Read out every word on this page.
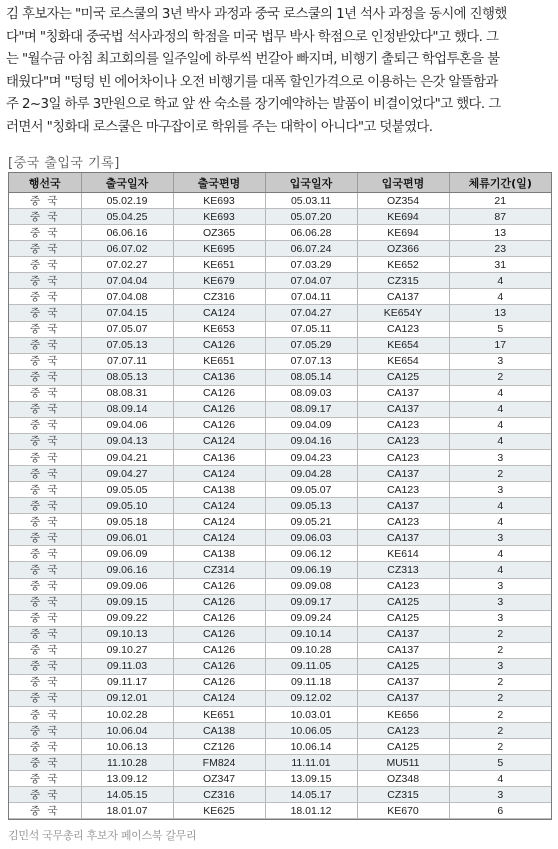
김 후보자는 "미국 로스쿨의 3년 박사 과정과 중국 로스쿨의 1년 석사 과정을 동시에 진행했
다"며 "칭화대 중국법 석사과정의 학점을 미국 법무 박사 학점으로 인정받았다"고 했다. 그
는 "월수금 아침 최고회의를 일주일에 하루씩 번갈아 빠지며, 비행기 출퇴근 학업투혼을 불
태웠다"며 "텅텅 빈 에어차이나 오전 비행기를 대폭 할인가격으로 이용하는 은갓 알뜰함과
주 2~3일 하루 3만원으로 학교 앞 싼 숙소를 장기예약하는 발품이 비결이었다"고 했다. 그
러면서 "칭화대 로스쿨은 마구잡이로 학위를 주는 대학이 아니다"고 덧붙였다.
[중국 출입국 기록]
행선국	출국일자	출국편명	입국일자	입국편명	체류기간(일)
중 국	05.02.19	KE693	05.03.11	OZ354	21
중 국	05.04.25	KE693	05.07.20	KE694	87
중 국	06.06.16	OZ365	06.06.28	KE694	13
중 국	06.07.02	KE695	06.07.24	OZ366	23
중 국	07.02.27	KE651	07.03.29	KE652	31
중 국	07.04.04	KE679	07.04.07	CZ315	4
중 국	07.04.08	CZ316	07.04.11	CA137	4
중 국	07.04.15	CA124	07.04.27	KE654Y	13
중 국	07.05.07	KE653	07.05.11	CA123	5
중 국	07.05.13	CA126	07.05.29	KE654	17
중 국	07.07.11	KE651	07.07.13	KE654	3
중 국	08.05.13	CA136	08.05.14	CA125	2
중 국	08.08.31	CA126	08.09.03	CA137	4
중 국	08.09.14	CA126	08.09.17	CA137	4
중 국	09.04.06	CA126	09.04.09	CA123	4
중 국	09.04.13	CA124	09.04.16	CA123	4
중 국	09.04.21	CA136	09.04.23	CA123	3
중 국	09.04.27	CA124	09.04.28	CA137	2
중 국	09.05.05	CA138	09.05.07	CA123	3
중 국	09.05.10	CA124	09.05.13	CA137	4
중 국	09.05.18	CA124	09.05.21	CA123	4
중 국	09.06.01	CA124	09.06.03	CA137	3
중 국	09.06.09	CA138	09.06.12	KE614	4
중 국	09.06.16	CZ314	09.06.19	CZ313	4
중 국	09.09.06	CA126	09.09.08	CA123	3
중 국	09.09.15	CA126	09.09.17	CA125	3
중 국	09.09.22	CA126	09.09.24	CA125	3
중 국	09.10.13	CA126	09.10.14	CA137	2
중 국	09.10.27	CA126	09.10.28	CA137	2
중 국	09.11.03	CA126	09.11.05	CA125	3
중 국	09.11.17	CA126	09.11.18	CA137	2
중 국	09.12.01	CA124	09.12.02	CA137	2
중 국	10.02.28	KE651	10.03.01	KE656	2
중 국	10.06.04	CA138	10.06.05	CA123	2
중 국	10.06.13	CZ126	10.06.14	CA125	2
중 국	11.10.28	FM824	11.11.01	MU511	5
중 국	13.09.12	OZ347	13.09.15	OZ348	4
중 국	14.05.15	CZ316	14.05.17	CZ315	3
중 국	18.01.07	KE625	18.01.12	KE670	6
김민석 국무총리 후보자 페이스북 갈무리
